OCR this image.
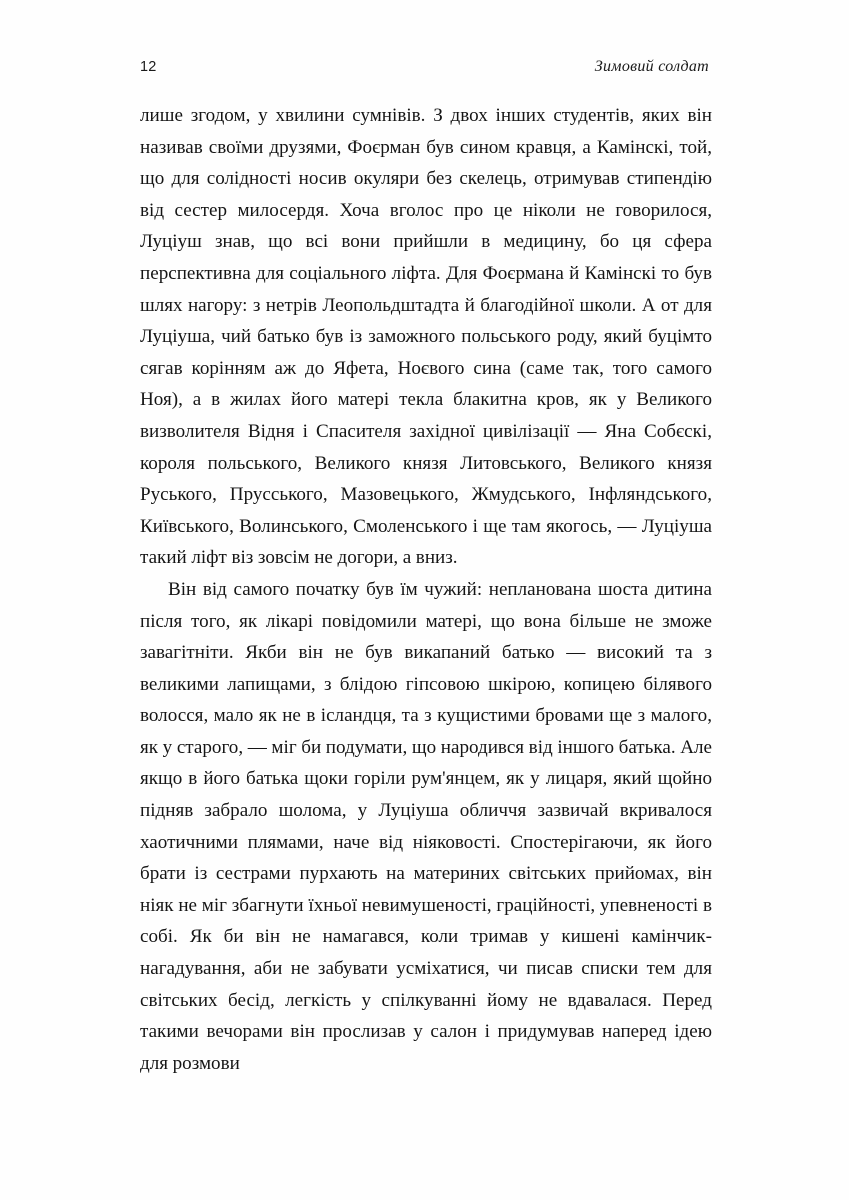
12	Зимовий солдат

лише згодом, у хвилини сумнівів. З двох інших студентів, яких він називав своїми друзями, Фоєрман був сином кравця, а Камінскі, той, що для солідності носив окуляри без скелець, отримував стипендію від сестер милосердя. Хоча вголос про це ніколи не говорилося, Луціуш знав, що всі вони прийшли в медицину, бо ця сфера перспективна для соціального ліфта. Для Фоєрмана й Камінскі то був шлях нагору: з нетрів Леопольдштадта й благодійної школи. А от для Луціуша, чий батько був із заможного польського роду, який буцімто сягав корінням аж до Яфета, Ноєвого сина (саме так, того самого Ноя), а в жилах його матері текла блакитна кров, як у Великого визволителя Відня і Спасителя західної цивілізації — Яна Собєскі, короля польського, Великого князя Литовського, Великого князя Руського, Прусського, Мазовецького, Жмудського, Інфляндського, Київського, Волинського, Смоленського і ще там якогось, — Луціуша такий ліфт віз зовсім не догори, а вниз.

Він від самого початку був їм чужий: непланована шоста дитина після того, як лікарі повідомили матері, що вона більше не зможе завагітніти. Якби він не був викапаний батько — високий та з великими лапищами, з блідою гіпсовою шкірою, копицею білявого волосся, мало як не в ісландця, та з кущистими бровами ще з малого, як у старого, — міг би подумати, що народився від іншого батька. Але якщо в його батька щоки горіли рум'янцем, як у лицаря, який щойно підняв забрало шолома, у Луціуша обличчя зазвичай вкривалося хаотичними плямами, наче від ніяковості. Спостерігаючи, як його брати із сестрами пурхають на материних світських прийомах, він ніяк не міг збагнути їхньої невимушеності, граційності, упевненості в собі. Як би він не намагався, коли тримав у кишені камінчик-нагадування, аби не забувати усміхатися, чи писав списки тем для світських бесід, легкість у спілкуванні йому не вдавалася. Перед такими вечорами він прослизав у салон і придумував наперед ідею для розмови
